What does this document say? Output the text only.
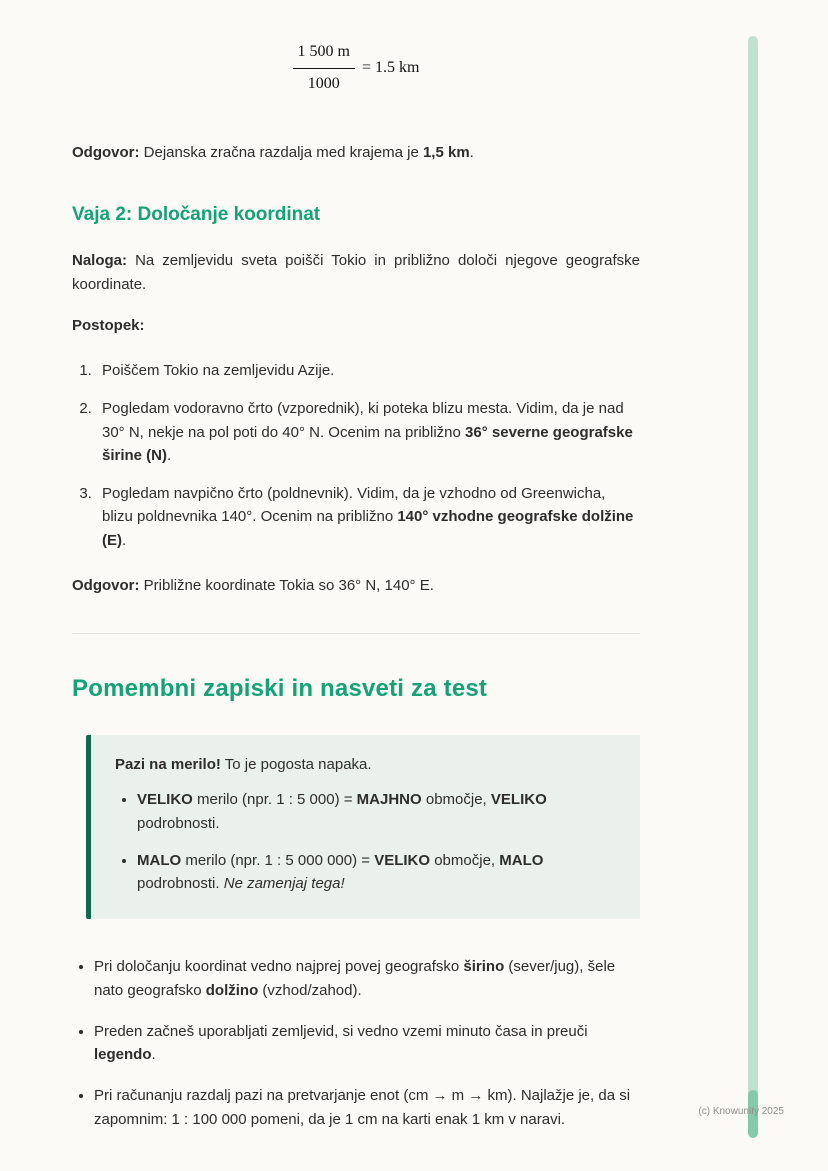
$\frac{1 500 m}{1000} = 1.5$ km

Odgovor: Dejanska zračna razdalja med krajema je 1,5 km.

Vaja 2: Določanje koordinat

Naloga: Na zemljevidu sveta poišči Tokio in približno določi njegove geografske koordinate.

Postopek:

1. Poiščem Tokio na zemljevidu Azije.
2. Pogledam vodoravno črto (vzporednik), ki poteka blizu mesta. Vidim, da je nad 30° N, nekje na pol poti do 40° N. Ocenim na približno 36° severne geografske širine (N).
3. Pogledam navpično črto (poldnevnik). Vidim, da je vzhodno od Greenwicha, blizu poldnevnika 140°. Ocenim na približno 140° vzhodne geografske dolžine (E).

Odgovor: Približne koordinate Tokia so 36° N, 140° E.

Pomembni zapiski in nasveti za test

Pazi na merilo! To je pogosta napaka.

• VELIKO merilo (npr. 1 : 5 000) = MAJHNO območje, VELIKO podrobnosti.
• MALO merilo (npr. 1 : 5 000 000) = VELIKO območje, MALO podrobnosti. Ne zamenjaj tega!
• Pri določanju koordinat vedno najprej povej geografsko širino (sever/jug), šele nato geografsko dolžino (vzhod/zahod).
• Preden začneš uporabljati zemljevid, si vedno vzemi minuto časa in preuči legendo.
• Pri računanju razdalj pazi na pretvarjanje enot (cm → m → km). Najlažje je, da si zapomnim: 1 : 100 000 pomeni, da je 1 cm na karti enak 1 km v naravi.	(c) Knowunity 2025
